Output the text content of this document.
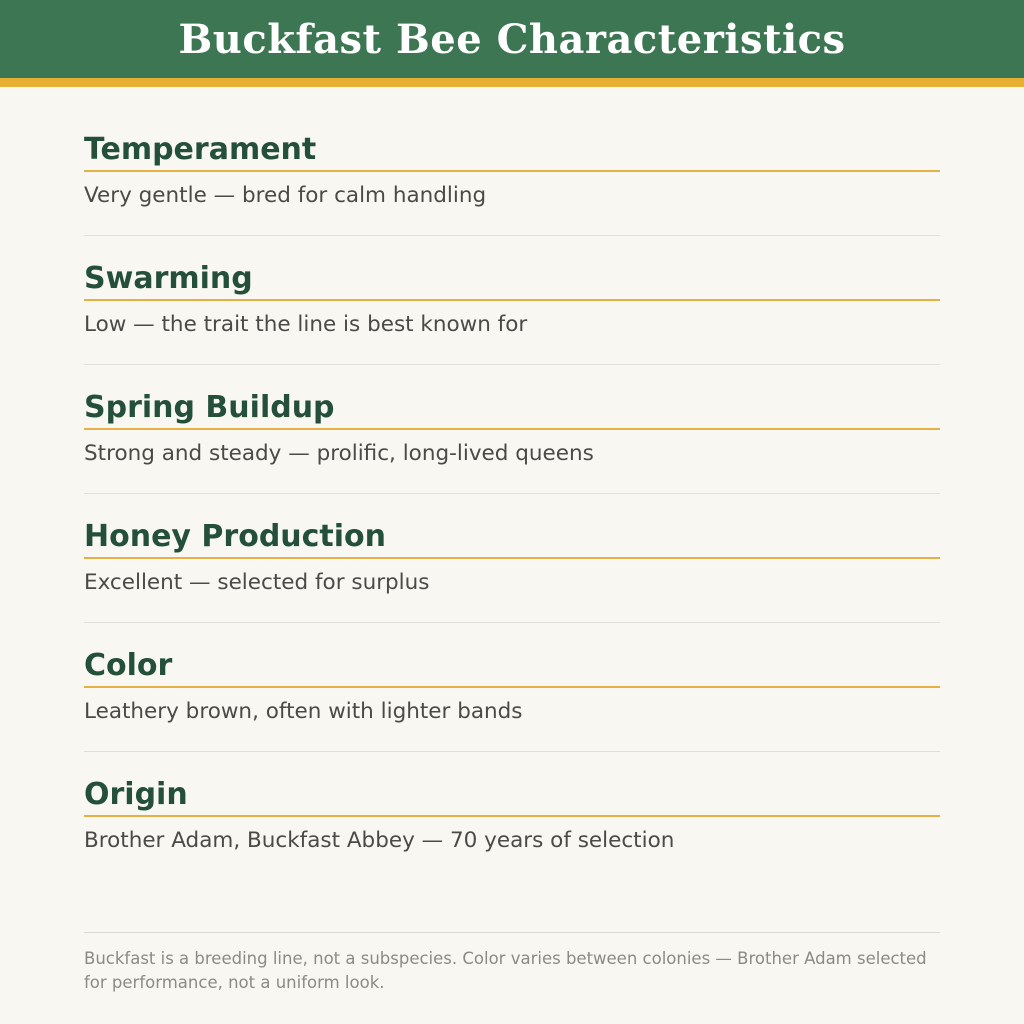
Buckfast Bee Characteristics
Temperament
Very gentle — bred for calm handling
Swarming
Low — the trait the line is best known for
Spring Buildup
Strong and steady — prolific, long-lived queens
Honey Production
Excellent — selected for surplus
Color
Leathery brown, often with lighter bands
Origin
Brother Adam, Buckfast Abbey — 70 years of selection
Buckfast is a breeding line, not a subspecies. Color varies between colonies — Brother Adam selected for performance, not a uniform look.
